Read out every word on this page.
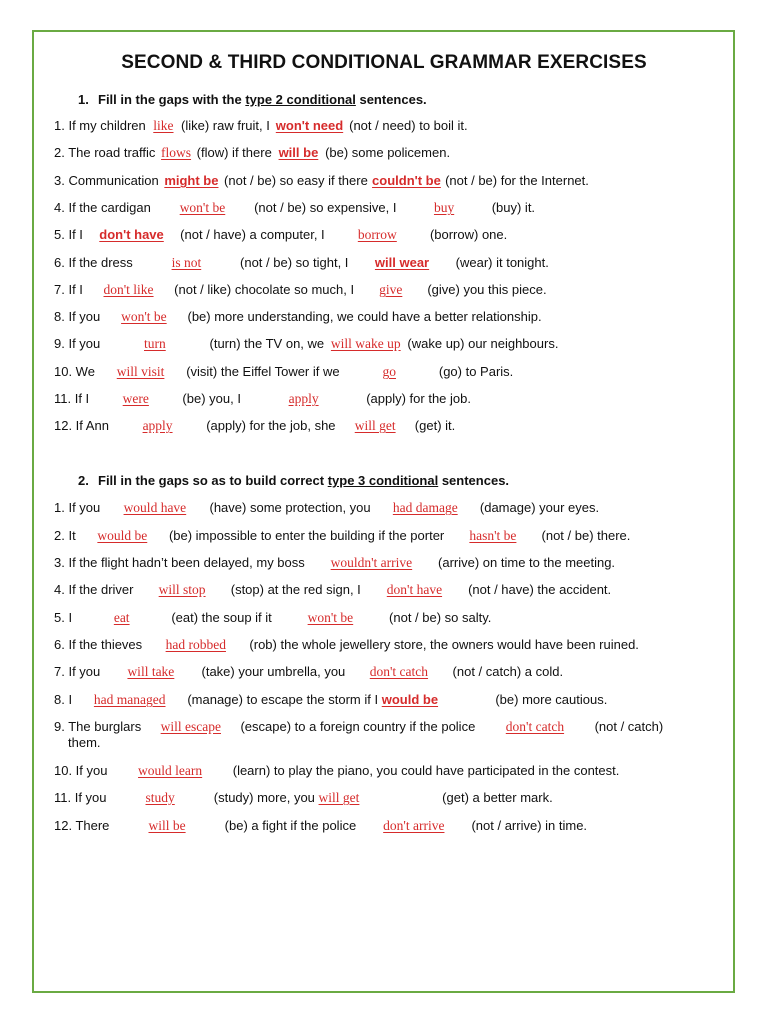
SECOND & THIRD CONDITIONAL GRAMMAR EXERCISES
1. Fill in the gaps with the type 2 conditional sentences.
1. If my children like (like) raw fruit, I won't need (not / need) to boil it.
2. The road traffic flows (flow) if there will be (be) some policemen.
3. Communication might be (not / be) so easy if there couldn't be (not / be) for the Internet.
4. If the cardigan won't be (not / be) so expensive, I	buy	(buy) it.
5. If I don't have (not / have) a computer, I borrow	(borrow) one.
6. If the dress	is not	(not / be) so tight, I will wear (wear) it tonight.
7. If I don't like (not / like) chocolate so much, I give (give) you this piece.
8. If you won't be (be) more understanding, we could have a better relationship.
9. If you	turn	(turn) the TV on, we will wake up (wake up) our neighbours.
10. We will visit (visit) the Eiffel Tower if we	go	(go) to Paris.
11. If I were	(be) you, I	apply	(apply) for the job.
12. If Ann apply	(apply) for the job, she will get (get) it.
2. Fill in the gaps so as to build correct type 3 conditional sentences.
1. If you would have (have) some protection, you had damage (damage) your eyes.
2. It would be (be) impossible to enter the building if the porter hasn't be (not / be) there.
3. If the flight hadn’t been delayed, my boss wouldn't arrive (arrive) on time to the meeting.
4. If the driver will stop (stop) at the red sign, I don't have (not / have) the accident.
5. I	eat	(eat) the soup if it	won't be	(not / be) so salty.
6. If the thieves had robbed (rob) the whole jewellery store, the owners would have been ruined.
7. If you will take (take) your umbrella, you don't catch (not / catch) a cold.
8. I had managed (manage) to escape the storm if I would be	(be) more cautious.
9. The burglars will escape (escape) to a foreign country if the police don't catch (not / catch)
them.
10. If you would learn (learn) to play the piano, you could have participated in the contest.
11. If you	study	(study) more, you will get	(get) a better mark.
12. There	will be	(be) a fight if the police don't arrive (not / arrive) in time.
